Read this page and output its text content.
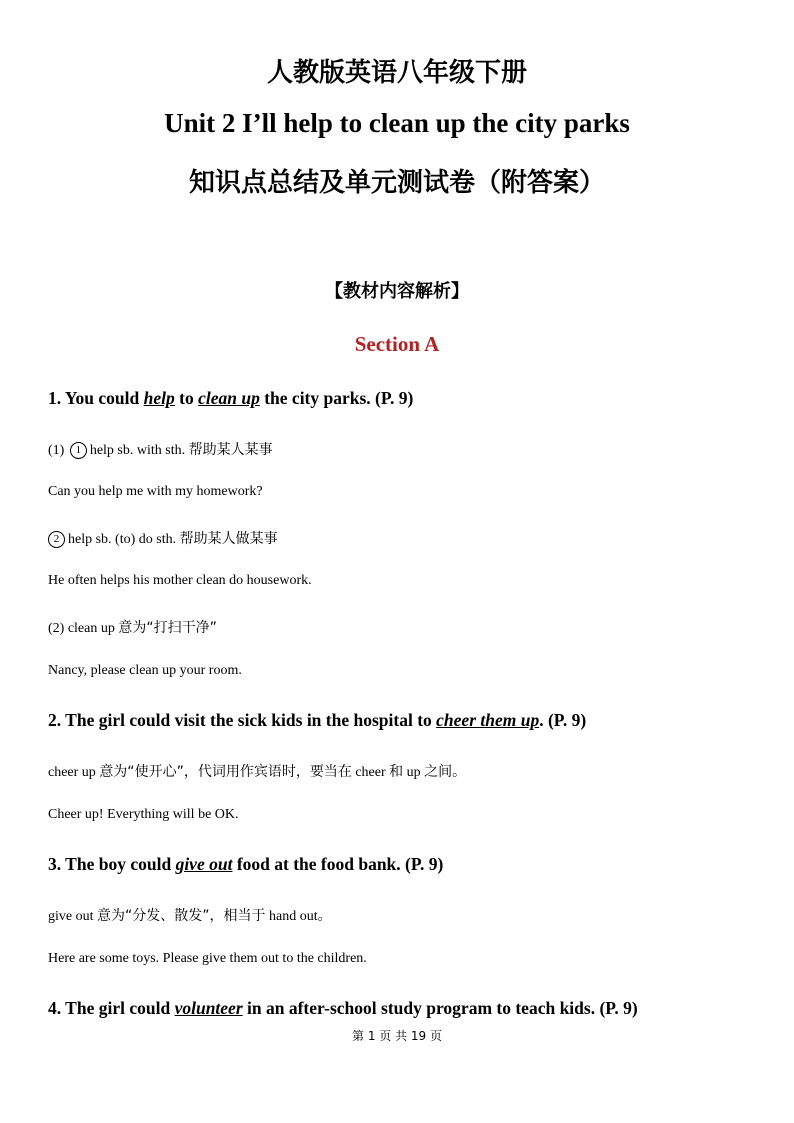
人教版英语八年级下册
Unit 2 I’ll help to clean up the city parks
知识点总结及单元测试卷（附答案）
【教材内容解析】
Section A
1. You could help to clean up the city parks. (P. 9)
(1) 1 help sb. with sth. 帮助某人某事
Can you help me with my homework?
2 help sb. (to) do sth. 帮助某人做某事
He often helps his mother clean do housework.
(2) clean up 意为“打扫干净”
Nancy, please clean up your room.
2. The girl could visit the sick kids in the hospital to cheer them up. (P. 9)
cheer up 意为“使开心”，代词用作宾语时，要当在 cheer 和 up 之间。
Cheer up! Everything will be OK.
3. The boy could give out food at the food bank. (P. 9)
give out 意为“分发、散发”，相当于 hand out。
Here are some toys. Please give them out to the children.
4. The girl could volunteer in an after-school study program to teach kids. (P. 9)
第 1 页 共 19 页
